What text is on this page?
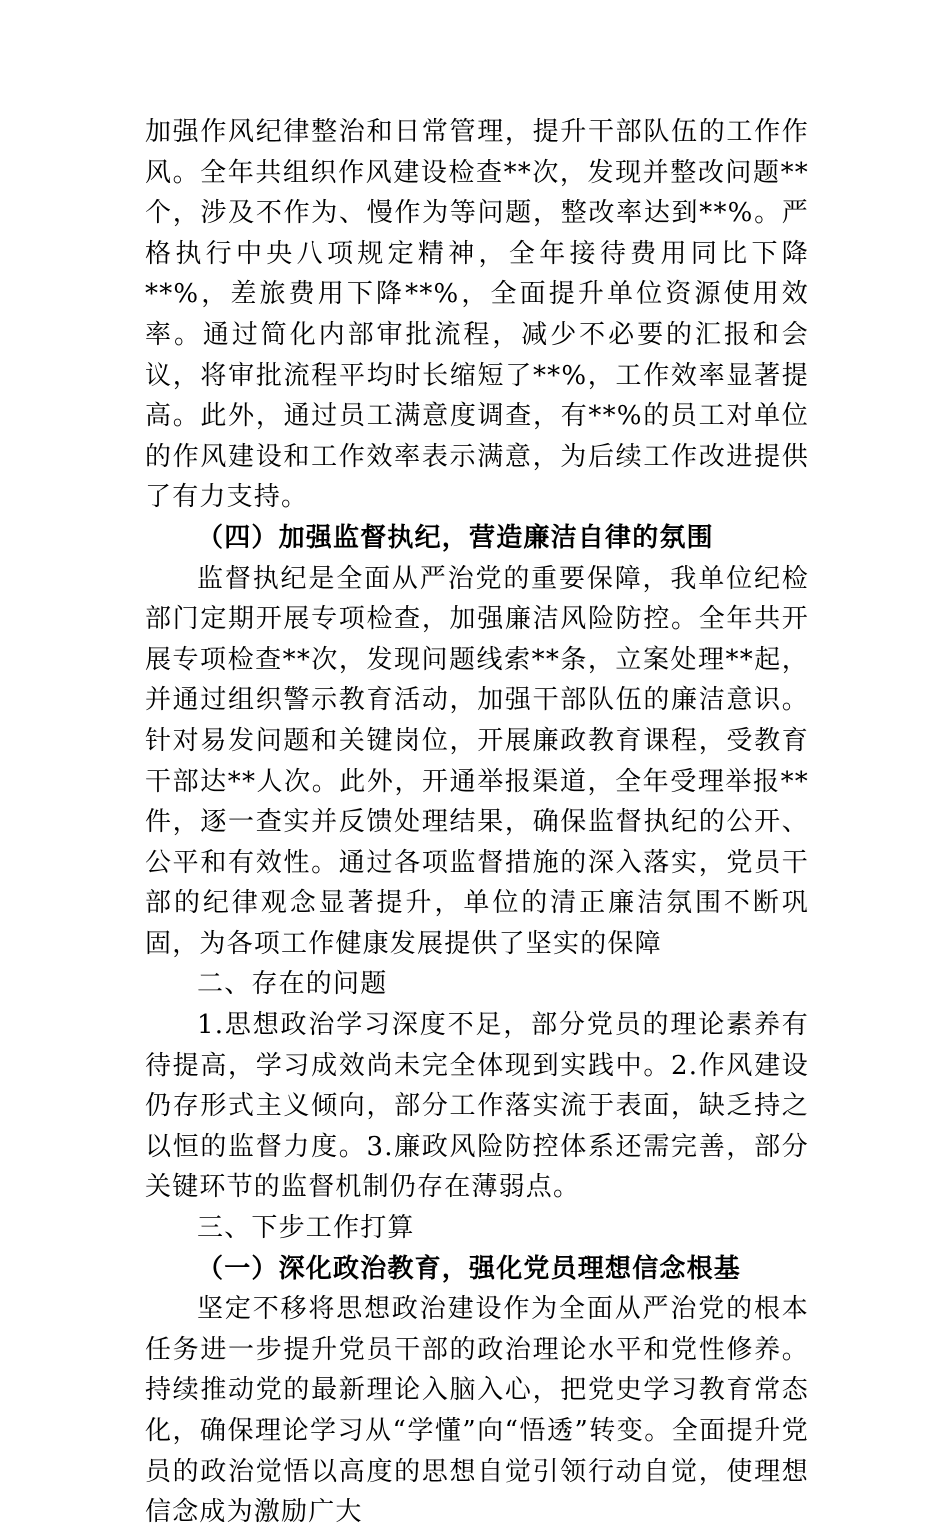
加强作风纪律整治和日常管理，提升干部队伍的工作作风。全年共组织作风建设检查**次，发现并整改问题**个，涉及不作为、慢作为等问题，整改率达到**%。严格执行中央八项规定精神，全年接待费用同比下降**%，差旅费用下降**%，全面提升单位资源使用效率。通过简化内部审批流程，减少不必要的汇报和会议，将审批流程平均时长缩短了**%，工作效率显著提高。此外，通过员工满意度调查，有**%的员工对单位的作风建设和工作效率表示满意，为后续工作改进提供了有力支持。

（四）加强监督执纪，营造廉洁自律的氛围

监督执纪是全面从严治党的重要保障，我单位纪检部门定期开展专项检查，加强廉洁风险防控。全年共开展专项检查**次，发现问题线索**条，立案处理**起，并通过组织警示教育活动，加强干部队伍的廉洁意识。针对易发问题和关键岗位，开展廉政教育课程，受教育干部达**人次。此外，开通举报渠道，全年受理举报**件，逐一查实并反馈处理结果，确保监督执纪的公开、公平和有效性。通过各项监督措施的深入落实，党员干部的纪律观念显著提升，单位的清正廉洁氛围不断巩固，为各项工作健康发展提供了坚实的保障

二、存在的问题

1.思想政治学习深度不足，部分党员的理论素养有待提高，学习成效尚未完全体现到实践中。2.作风建设仍存形式主义倾向，部分工作落实流于表面，缺乏持之以恒的监督力度。3.廉政风险防控体系还需完善，部分关键环节的监督机制仍存在薄弱点。

三、下步工作打算

（一）深化政治教育，强化党员理想信念根基

坚定不移将思想政治建设作为全面从严治党的根本任务进一步提升党员干部的政治理论水平和党性修养。持续推动党的最新理论入脑入心，把党史学习教育常态化，确保理论学习从“学懂”向“悟透”转变。全面提升党员的政治觉悟以高度的思想自觉引领行动自觉，使理想信念成为激励广大
